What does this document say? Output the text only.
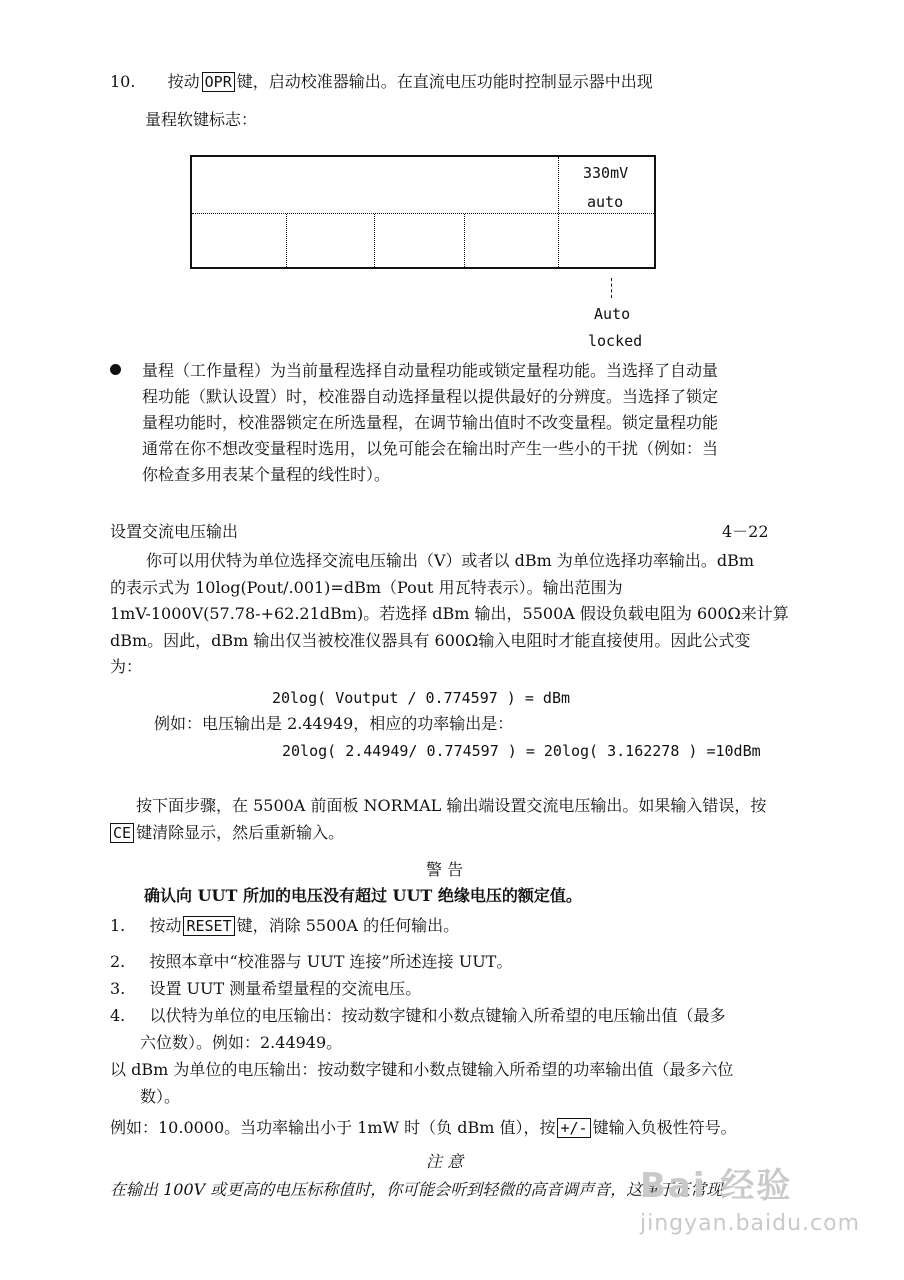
10. 按动 OPR 键，启动校准器输出。在直流电压功能时控制显示器中出现
量程软键标志：
330mV
auto
Auto
locked
量程（工作量程）为当前量程选择自动量程功能或锁定量程功能。当选择了自动量
程功能（默认设置）时，校准器自动选择量程以提供最好的分辨度。当选择了锁定
量程功能时，校准器锁定在所选量程，在调节输出值时不改变量程。锁定量程功能
通常在你不想改变量程时选用，以免可能会在输出时产生一些小的干扰（例如：当
你检查多用表某个量程的线性时）。
设置交流电压输出	4－22
你可以用伏特为单位选择交流电压输出（V）或者以 dBm 为单位选择功率输出。dBm
的表示式为 10log(Pout/.001)=dBm（Pout 用瓦特表示）。输出范围为
1mV-1000V(57.78-+62.21dBm)。若选择 dBm 输出，5500A 假设负载电阻为 600Ω来计算
dBm。因此，dBm 输出仅当被校准仪器具有 600Ω输入电阻时才能直接使用。因此公式变
为：
20log( Voutput / 0.774597 ) = dBm
例如：电压输出是 2.44949，相应的功率输出是：
20log( 2.44949/ 0.774597 ) = 20log( 3.162278 ) =10dBm
按下面步骤，在 5500A 前面板 NORMAL 输出端设置交流电压输出。如果输入错误，按
CE 键清除显示，然后重新输入。
警 告
确认向 UUT 所加的电压没有超过 UUT 绝缘电压的额定值。
1. 按动 RESET 键，消除 5500A 的任何输出。
2. 按照本章中“校准器与 UUT 连接”所述连接 UUT。
3. 设置 UUT 测量希望量程的交流电压。
4. 以伏特为单位的电压输出：按动数字键和小数点键输入所希望的电压输出值（最多
六位数）。例如：2.44949。
以 dBm 为单位的电压输出：按动数字键和小数点键输入所希望的功率输出值（最多六位
数）。
例如：10.0000。当功率输出小于 1mW 时（负 dBm 值），按 +/- 键输入负极性符号。
注 意
在输出 100V 或更高的电压标称值时，你可能会听到轻微的高音调声音，这属于正常现
Bai 经验
jingyan.baidu.com
